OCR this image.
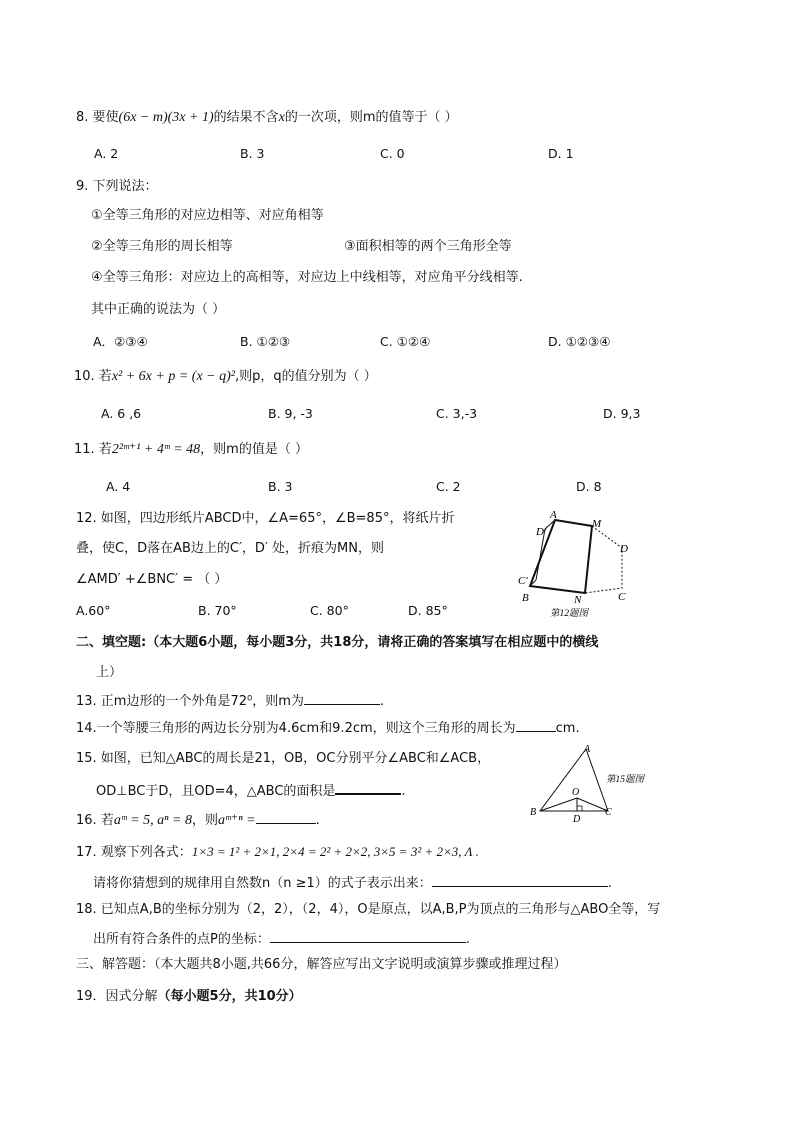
8. 要使(6x − m)(3x + 1)的结果不含x的一次项，则m的值等于（ ）
A. 2	B. 3	C. 0	D. 1
9. 下列说法：
①全等三角形的对应边相等、对应角相等
②全等三角形的周长相等	③面积相等的两个三角形全等
④全等三角形：对应边上的高相等，对应边上中线相等，对应角平分线相等.
其中正确的说法为（ ）
A．②③④	B. ①②③	C. ①②④	D. ①②③④
10. 若x² + 6x + p = (x − q)²,则p，q的值分别为（ ）
A. 6 ,6	B. 9, -3	C. 3,-3	D. 9,3
11. 若2²ᵐ⁺¹ + 4ᵐ = 48，则m的值是（ ）
A. 4	B. 3	C. 2	D. 8
12. 如图，四边形纸片ABCD中，∠A=65°，∠B=85°，将纸片折
叠，使C，D落在AB边上的C′，D′ 处，折痕为MN，则
∠AMD′ +∠BNC′ = （ ）
A.60°	B. 70°	C. 80°	D. 85°
A
D′
M
D
C′
B	N	C
第12题图
二、填空题:（本大题6小题，每小题3分，共18分，请将正确的答案填写在相应题中的横线
上）
13. 正m边形的一个外角是72⁰，则m为	.
14.一个等腰三角形的两边长分别为4.6cm和9.2cm，则这个三角形的周长为	cm.
15. 如图，已知△ABC的周长是21，OB，OC分别平分∠ABC和∠ACB，
OD⊥BC于D，且OD=4，△ABC的面积是	.
A
B	C
O
D
第15题图
16. 若aᵐ = 5, aⁿ = 8，则aᵐ⁺ⁿ =	.
17. 观察下列各式：1×3 = 1² + 2×1, 2×4 = 2² + 2×2, 3×5 = 3² + 2×3, Λ .
请将你猜想到的规律用自然数n（n ≥1）的式子表示出来：	.
18. 已知点A,B的坐标分别为（2，2），（2，4），O是原点，以A,B,P为顶点的三角形与△ABO全等，写
出所有符合条件的点P的坐标：	.
三、解答题：（本大题共8小题,共66分，解答应写出文字说明或演算步骤或推理过程）
19．因式分解（每小题5分，共10分）
